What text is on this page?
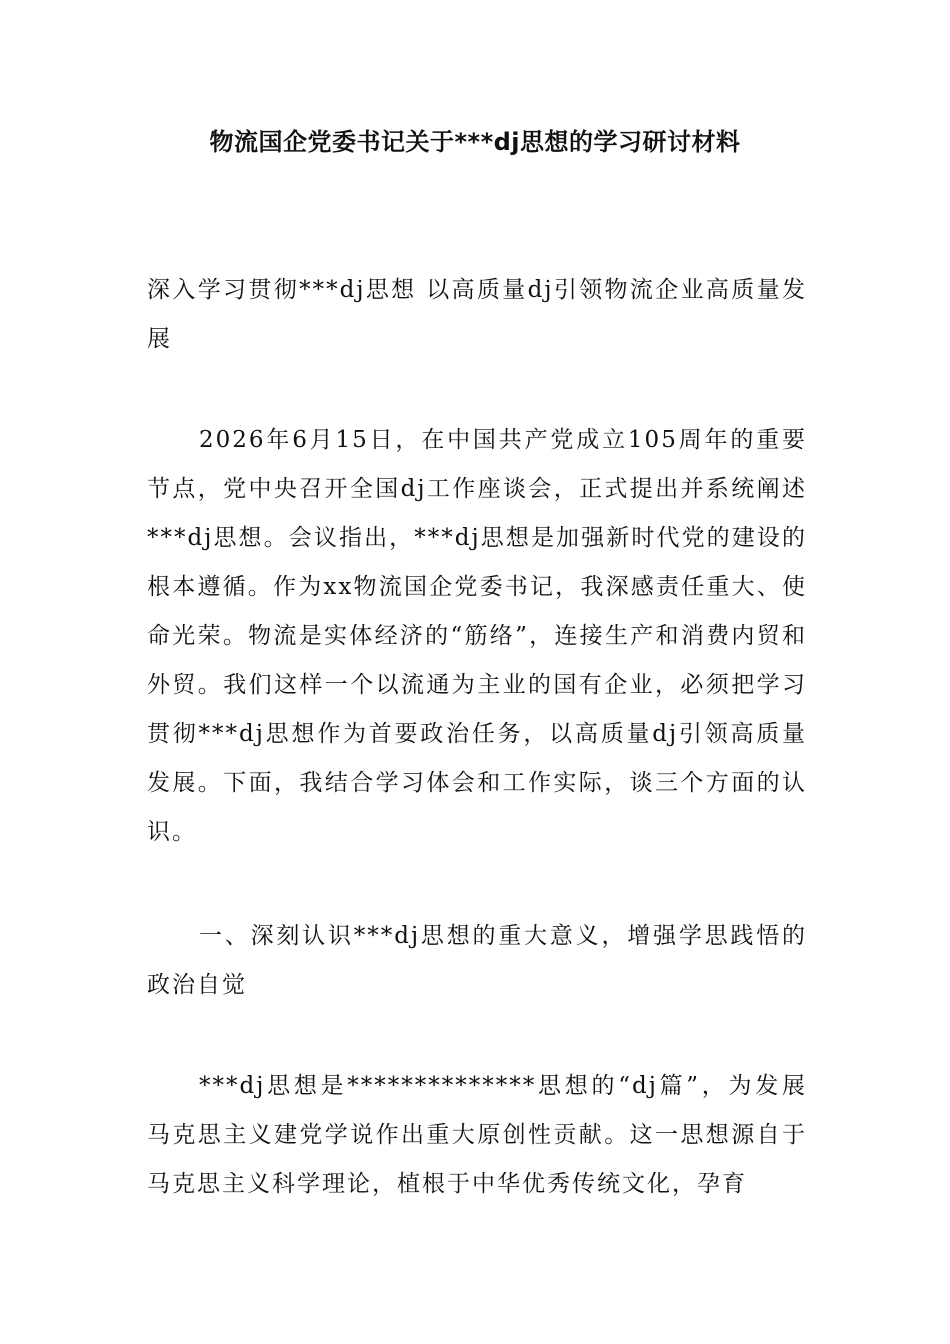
物流国企党委书记关于***dj思想的学习研讨材料

深入学习贯彻***dj思想 以高质量dj引领物流企业高质量发展

2026年6月15日，在中国共产党成立105周年的重要节点，党中央召开全国dj工作座谈会，正式提出并系统阐述***dj思想。会议指出，***dj思想是加强新时代党的建设的根本遵循。作为xx物流国企党委书记，我深感责任重大、使命光荣。物流是实体经济的“筋络”，连接生产和消费内贸和外贸。我们这样一个以流通为主业的国有企业，必须把学习贯彻***dj思想作为首要政治任务，以高质量dj引领高质量发展。下面，我结合学习体会和工作实际，谈三个方面的认识。

一、深刻认识***dj思想的重大意义，增强学思践悟的政治自觉

***dj思想是**************思想的“dj篇”，为发展马克思主义建党学说作出重大原创性贡献。这一思想源自于马克思主义科学理论，植根于中华优秀传统文化，孕育
